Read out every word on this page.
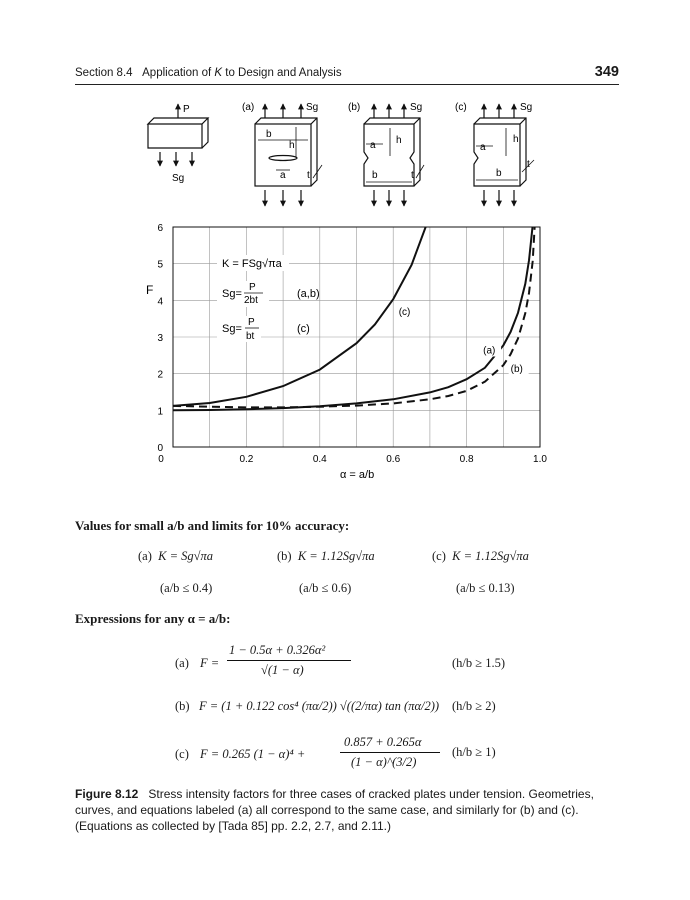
Section 8.4 Application of K to Design and Analysis	349
P
Sg
(a)	Sg
b
h
a t
(b)	Sg
a h
b	t
(c)	Sg
a
h
b
t
0	0.2	0.4	0.6	0.8	1.0
0
1
2
3
4
5
6
F
α = a/b
K = FSg√πa
Sg=
P
2bt
(a,b)
Sg=
P
bt
(c)
(a)
(b)
(c)
Values for small a/b and limits for 10% accuracy:
(a) K = Sg√πa	(b) K = 1.12Sg√πa	(c) K = 1.12Sg√πa
(a/b ≤ 0.4)	(a/b ≤ 0.6)	(a/b ≤ 0.13)
Expressions for any α = a/b:
(a) F =
1 − 0.5α + 0.326α²
√(1 − α)	(h/b ≥ 1.5)
(b) F = (1 + 0.122 cos⁴ (πα/2)) √((2/πα) tan (πα/2)) (h/b ≥ 2)
(c) F = 0.265 (1 − α)⁴ +
0.857 + 0.265α
(1 − α)^(3/2)
(h/b ≥ 1)
Figure 8.12 Stress intensity factors for three cases of cracked plates under tension. Geometries, curves, and equations labeled (a) all correspond to the same case, and similarly for (b) and (c). (Equations as collected by [Tada 85] pp. 2.2, 2.7, and 2.11.)
